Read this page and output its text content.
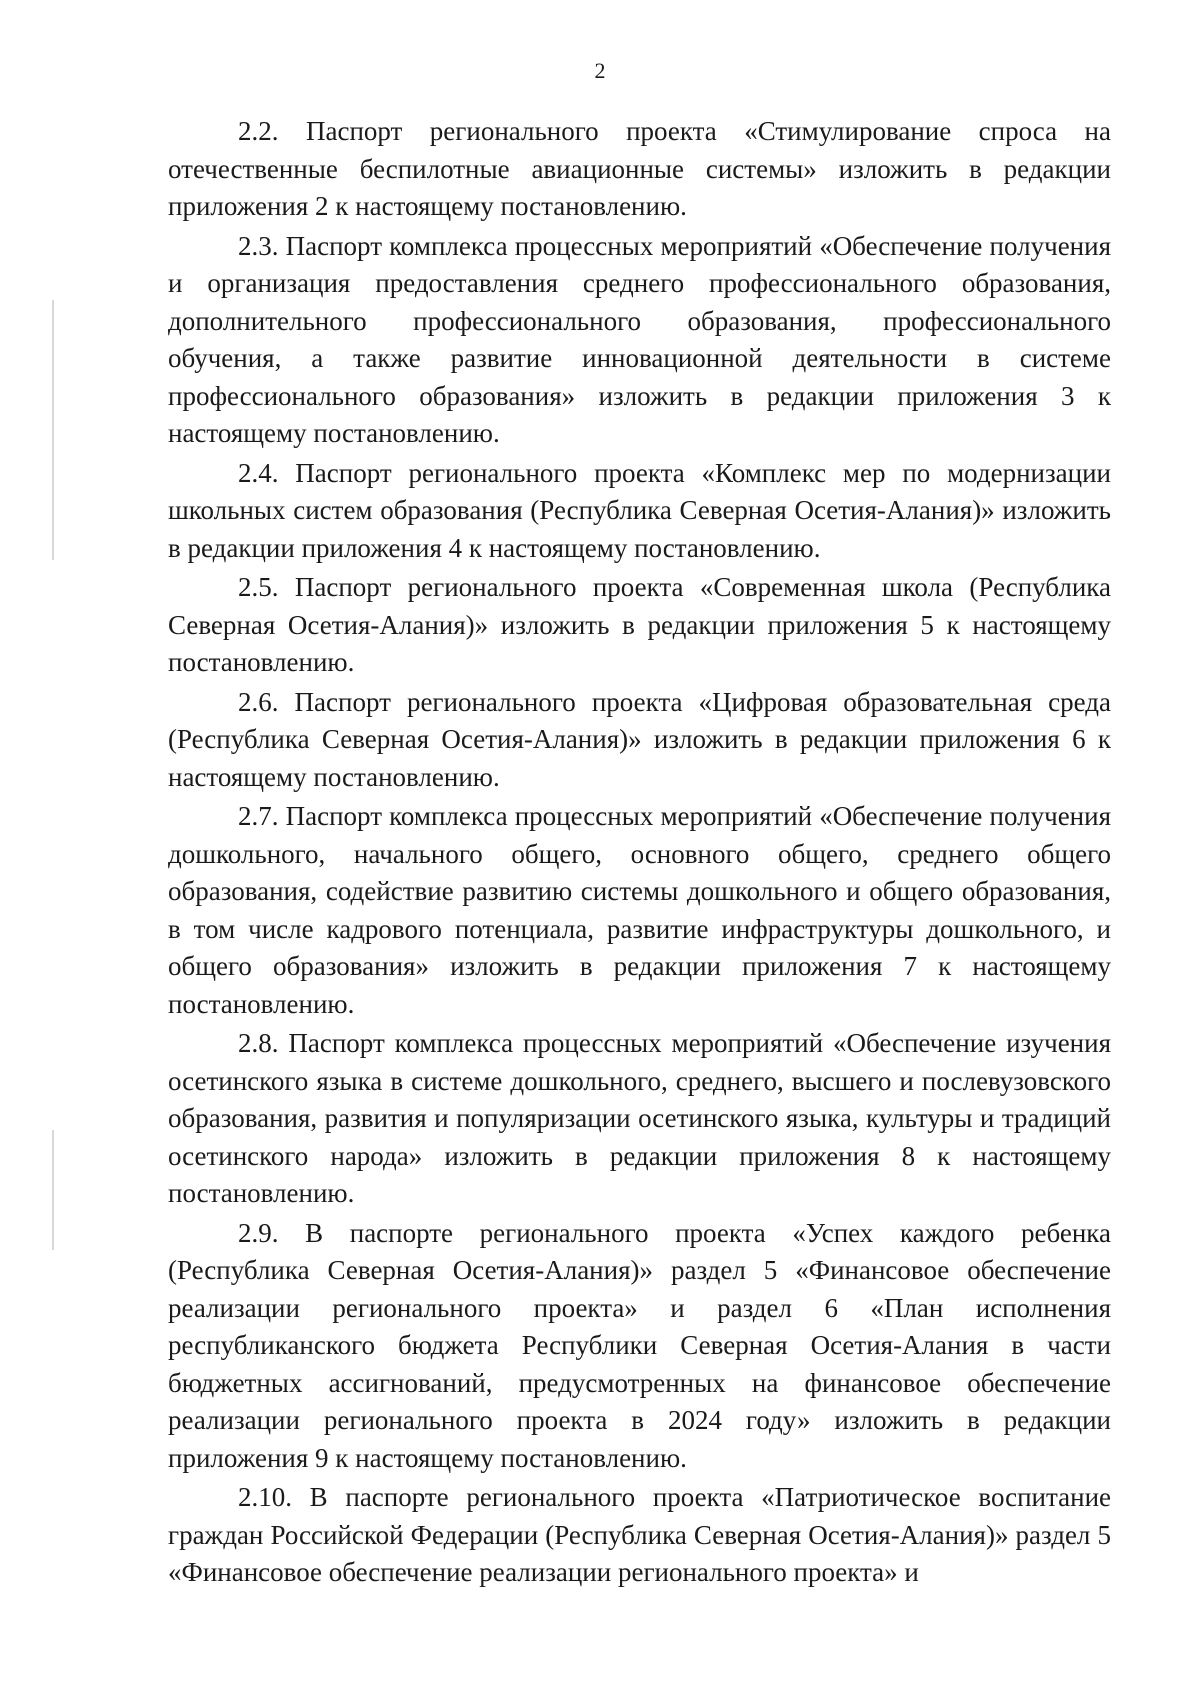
2

2.2. Паспорт регионального проекта «Стимулирование спроса на отечественные беспилотные авиационные системы» изложить в редакции приложения 2 к настоящему постановлению.

2.3. Паспорт комплекса процессных мероприятий «Обеспечение получения и организация предоставления среднего профессионального образования, дополнительного профессионального образования, профессионального обучения, а также развитие инновационной деятельности в системе профессионального образования» изложить в редакции приложения 3 к настоящему постановлению.

2.4. Паспорт регионального проекта «Комплекс мер по модернизации школьных систем образования (Республика Северная Осетия-Алания)» изложить в редакции приложения 4 к настоящему постановлению.

2.5. Паспорт регионального проекта «Современная школа (Республика Северная Осетия-Алания)» изложить в редакции приложения 5 к настоящему постановлению.

2.6. Паспорт регионального проекта «Цифровая образовательная среда (Республика Северная Осетия-Алания)» изложить в редакции приложения 6 к настоящему постановлению.

2.7. Паспорт комплекса процессных мероприятий «Обеспечение получения дошкольного, начального общего, основного общего, среднего общего образования, содействие развитию системы дошкольного и общего образования, в том числе кадрового потенциала, развитие инфраструктуры дошкольного, и общего образования» изложить в редакции приложения 7 к настоящему постановлению.

2.8. Паспорт комплекса процессных мероприятий «Обеспечение изучения осетинского языка в системе дошкольного, среднего, высшего и послевузовского образования, развития и популяризации осетинского языка, культуры и традиций осетинского народа» изложить в редакции приложения 8 к настоящему постановлению.

2.9. В паспорте регионального проекта «Успех каждого ребенка (Республика Северная Осетия-Алания)» раздел 5 «Финансовое обеспечение реализации регионального проекта» и раздел 6 «План исполнения республиканского бюджета Республики Северная Осетия-Алания в части бюджетных ассигнований, предусмотренных на финансовое обеспечение реализации регионального проекта в 2024 году» изложить в редакции приложения 9 к настоящему постановлению.

2.10. В паспорте регионального проекта «Патриотическое воспитание граждан Российской Федерации (Республика Северная Осетия-Алания)» раздел 5 «Финансовое обеспечение реализации регионального проекта» и
